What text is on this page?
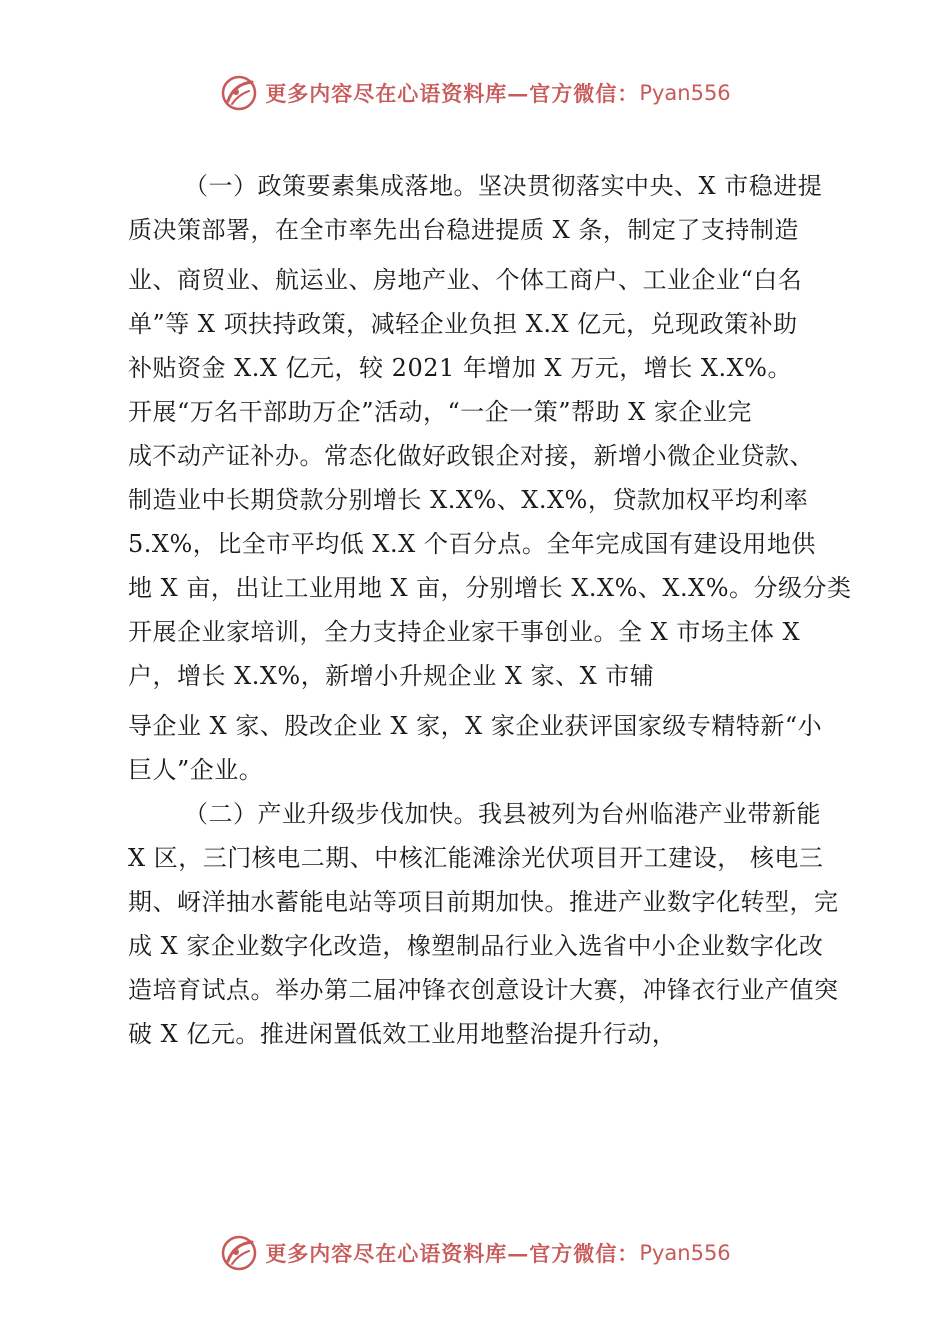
更多内容尽在心语资料库—官方微信： Pyan556
（一）政策要素集成落地。坚决贯彻落实中央、X 市稳进提
质决策部署，在全市率先出台稳进提质 X 条，制定了支持制造
业、商贸业、航运业、房地产业、个体工商户、工业企业“白名
单”等 X 项扶持政策，减轻企业负担 X.X 亿元，兑现政策补助
补贴资金 X.X 亿元，较 2021 年增加 X 万元，增长 X.X%。
开展“万名干部助万企”活动，“一企一策”帮助 X 家企业完
成不动产证补办。常态化做好政银企对接，新增小微企业贷款、
制造业中长期贷款分别增长 X.X%、X.X%，贷款加权平均利率
5.X%，比全市平均低 X.X 个百分点。全年完成国有建设用地供
地 X 亩，出让工业用地 X 亩，分别增长 X.X%、X.X%。分级分类
开展企业家培训，全力支持企业家干事创业。全 X 市场主体 X
户，增长 X.X%，新增小升规企业 X 家、X 市辅
导企业 X 家、股改企业 X 家，X 家企业获评国家级专精特新“小
巨人”企业。
（二）产业升级步伐加快。我县被列为台州临港产业带新能
X 区，三门核电二期、中核汇能滩涂光伏项目开工建设， 核电三
期、岈洋抽水蓄能电站等项目前期加快。推进产业数字化转型，完
成 X 家企业数字化改造，橡塑制品行业入选省中小企业数字化改
造培育试点。举办第二届冲锋衣创意设计大赛，冲锋衣行业产值突
破 X 亿元。推进闲置低效工业用地整治提升行动，
更多内容尽在心语资料库—官方微信： Pyan556
